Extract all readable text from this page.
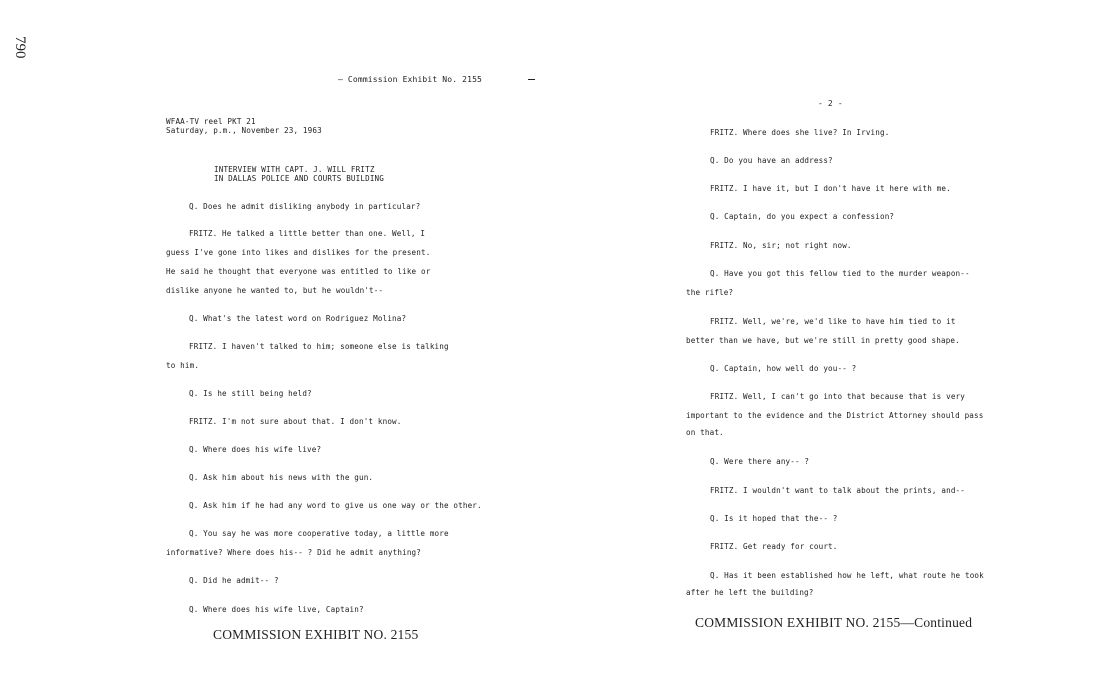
790
— Commission Exhibit No. 2155
WFAA-TV reel PKT 21
Saturday, p.m., November 23, 1963
INTERVIEW WITH CAPT. J. WILL FRITZ
IN DALLAS POLICE AND COURTS BUILDING
Q. Does he admit disliking anybody in particular?
FRITZ. He talked a little better than one. Well, I
guess I've gone into likes and dislikes for the present.
He said he thought that everyone was entitled to like or
dislike anyone he wanted to, but he wouldn't--
Q. What's the latest word on Rodriguez Molina?
FRITZ. I haven't talked to him; someone else is talking
to him.
Q. Is he still being held?
FRITZ. I'm not sure about that. I don't know.
Q. Where does his wife live?
Q. Ask him about his news with the gun.
Q. Ask him if he had any word to give us one way or the other.
Q. You say he was more cooperative today, a little more
informative? Where does his-- ? Did he admit anything?
Q. Did he admit-- ?
Q. Where does his wife live, Captain?
COMMISSION EXHIBIT NO. 2155
- 2 -
FRITZ. Where does she live? In Irving.
Q. Do you have an address?
FRITZ. I have it, but I don't have it here with me.
Q. Captain, do you expect a confession?
FRITZ. No, sir; not right now.
Q. Have you got this fellow tied to the murder weapon--
the rifle?
FRITZ. Well, we're, we'd like to have him tied to it
better than we have, but we're still in pretty good shape.
Q. Captain, how well do you-- ?
FRITZ. Well, I can't go into that because that is very
important to the evidence and the District Attorney should pass
on that.
Q. Were there any-- ?
FRITZ. I wouldn't want to talk about the prints, and--
Q. Is it hoped that the-- ?
FRITZ. Get ready for court.
Q. Has it been established how he left, what route he took
after he left the building?
COMMISSION EXHIBIT NO. 2155—Continued
